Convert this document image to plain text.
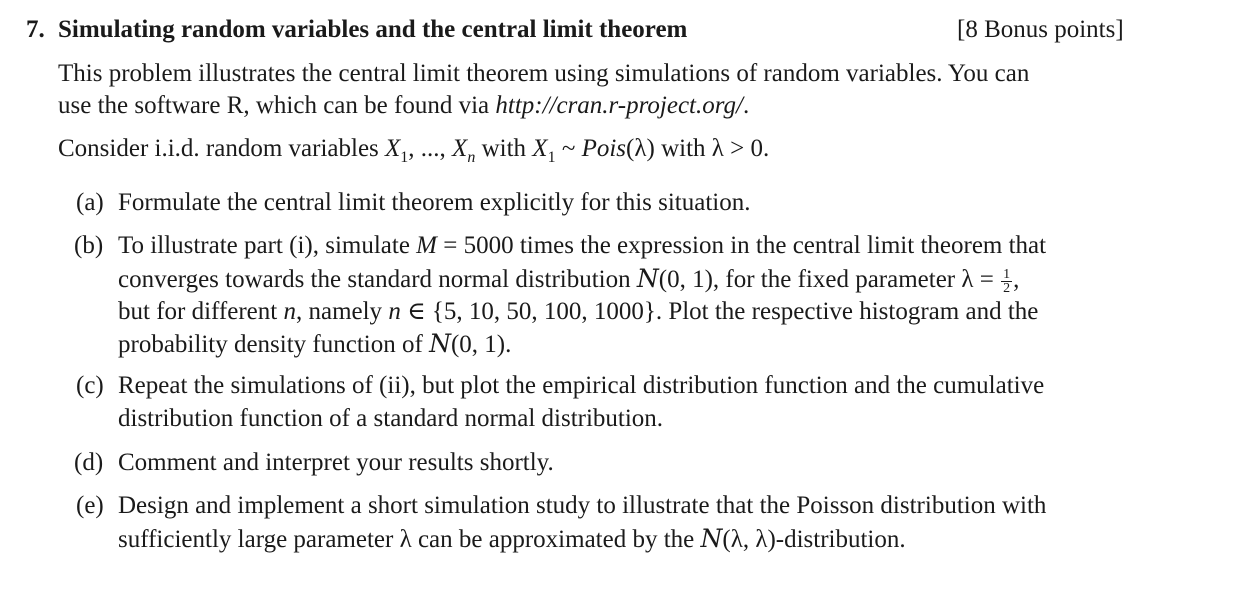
7. Simulating random variables and the central limit theorem	[8 Bonus points]
This problem illustrates the central limit theorem using simulations of random variables. You can
use the software R, which can be found via http://cran.r-project.org/.
Consider i.i.d. random variables $X_1$, ..., $X_n$ with $X_1$ ~ Pois(λ) with λ > 0.
(a) Formulate the central limit theorem explicitly for this situation.
(b) To illustrate part (i), simulate M = 5000 times the expression in the central limit theorem that
converges towards the standard normal distribution N(0, 1), for the fixed parameter $\lambda = \frac{1}{2}$ ,
but for different n, namely n ∈ {5, 10, 50, 100, 1000}. Plot the respective histogram and the
probability density function of N(0, 1).
(c) Repeat the simulations of (ii), but plot the empirical distribution function and the cumulative
distribution function of a standard normal distribution.
(d) Comment and interpret your results shortly.
(e) Design and implement a short simulation study to illustrate that the Poisson distribution with
sufficiently large parameter λ can be approximated by the N(λ, λ)-distribution.
